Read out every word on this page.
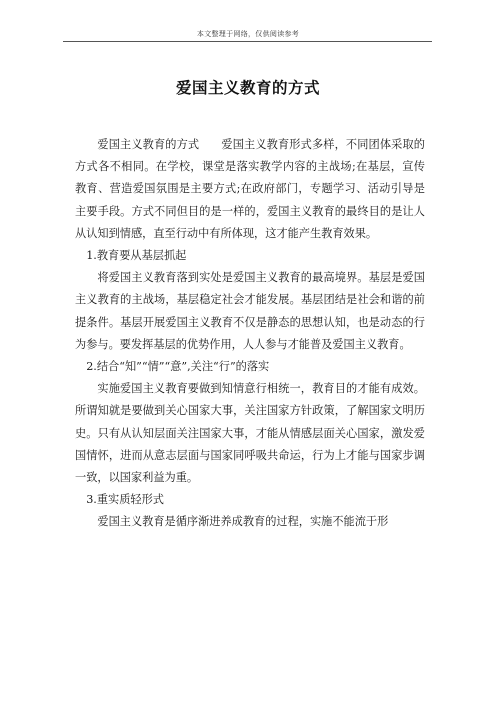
本文整理于网络，仅供阅读参考
爱国主义教育的方式

爱国主义教育的方式 爱国主义教育形式多样，不同团体采取的方式各不相同。在学校，课堂是落实教学内容的主战场;在基层，宣传教育、营造爱国氛围是主要方式;在政府部门，专题学习、活动引导是主要手段。方式不同但目的是一样的，爱国主义教育的最终目的是让人从认知到情感，直至行动中有所体现，这才能产生教育效果。

1.教育要从基层抓起

将爱国主义教育落到实处是爱国主义教育的最高境界。基层是爱国主义教育的主战场，基层稳定社会才能发展。基层团结是社会和谐的前提条件。基层开展爱国主义教育不仅是静态的思想认知，也是动态的行为参与。要发挥基层的优势作用，人人参与才能普及爱国主义教育。

2.结合“知”“情”“意”,关注“行”的落实

实施爱国主义教育要做到知情意行相统一，教育目的才能有成效。所谓知就是要做到关心国家大事，关注国家方针政策，了解国家文明历史。只有从认知层面关注国家大事，才能从情感层面关心国家，激发爱国情怀，进而从意志层面与国家同呼吸共命运，行为上才能与国家步调一致，以国家利益为重。

3.重实质轻形式

爱国主义教育是循序渐进养成教育的过程，实施不能流于形
